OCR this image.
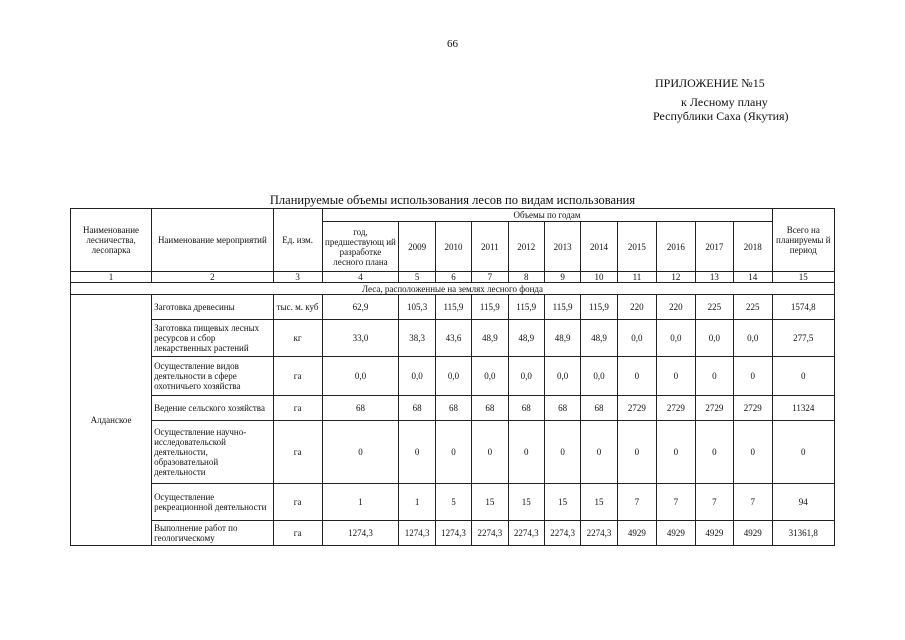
66
ПРИЛОЖЕНИЕ №15
к Лесному плану
Республики Саха (Якутия)
Планируемые объемы использования лесов по видам использования
Наименование лесничества, лесопарка	Наименование мероприятий	Ед. изм.	Объемы по годам											Всего на планируемы й период
			год, предшествующ ий разработке лесного плана	2009	2010	2011	2012	2013	2014	2015	2016	2017	2018	
1	2	3	4	5	6	7	8	9	10	11	12	13	14	15
Леса, расположенные на землях лесного фонда														
Алданское	Заготовка древесины	тыс. м. куб	62,9	105,3	115,9	115,9	115,9	115,9	115,9	220	220	225	225	1574,8
	Заготовка пищевых лесных ресурсов и сбор лекарственных растений	кг	33,0	38,3	43,6	48,9	48,9	48,9	48,9	0,0	0,0	0,0	0,0	277,5
	Осуществление видов деятельности в сфере охотничьего хозяйства	га	0,0	0,0	0,0	0,0	0,0	0,0	0,0	0	0	0	0	0
	Ведение сельского хозяйства	га	68	68	68	68	68	68	68	2729	2729	2729	2729	11324
	Осуществление научно-исследовательской деятельности, образовательной деятельности	га	0	0	0	0	0	0	0	0	0	0	0	0
	Осуществление рекреационной деятельности	га	1	1	5	15	15	15	15	7	7	7	7	94
	Выполнение работ по геологическому	га	1274,3	1274,3	1274,3	2274,3	2274,3	2274,3	2274,3	4929	4929	4929	4929	31361,8
